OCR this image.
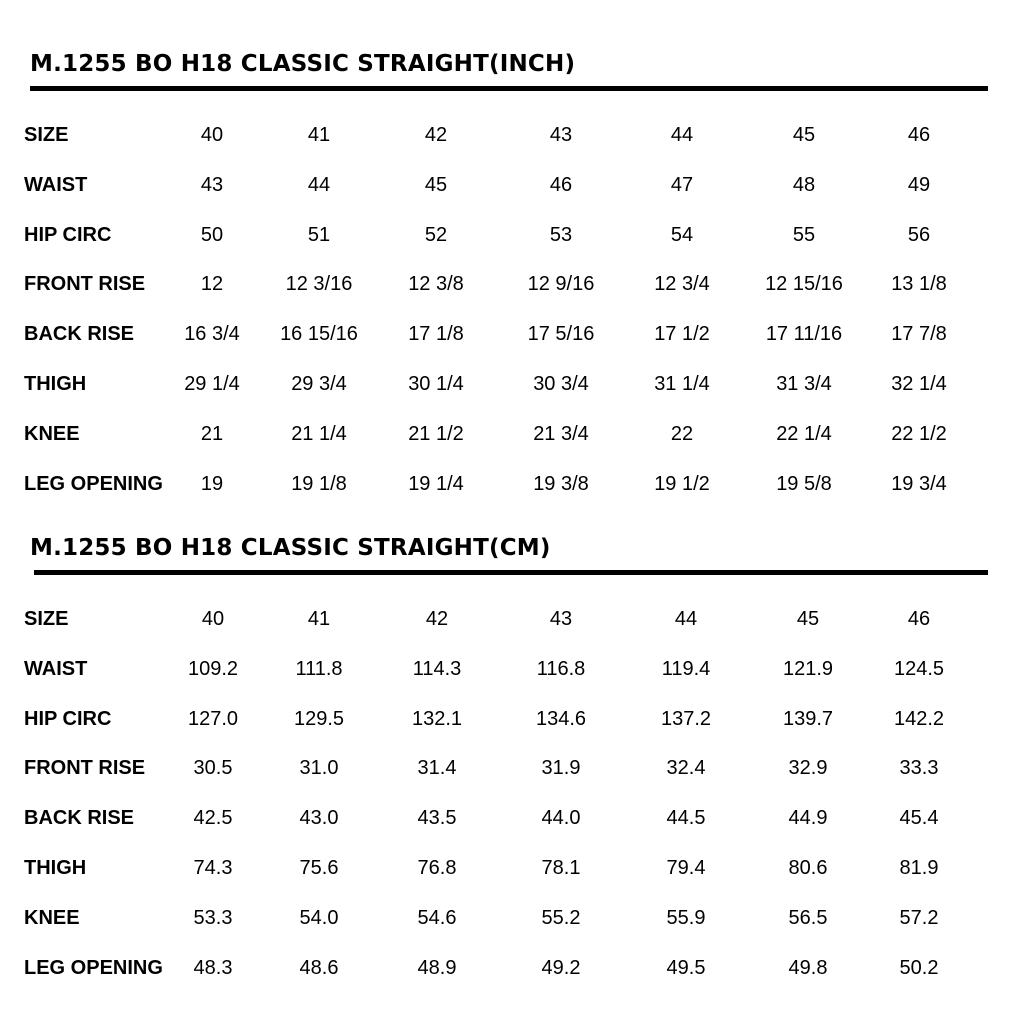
M.1255 BO H18 CLASSIC STRAIGHT(INCH)
SIZE	40	41	42	43	44	45	46
WAIST	43	44	45	46	47	48	49
HIP CIRC	50	51	52	53	54	55	56
FRONT RISE	12	12 3/16	12 3/8	12 9/16	12 3/4	12 15/16	13 1/8
BACK RISE	16 3/4	16 15/16	17 1/8	17 5/16	17 1/2	17 11/16	17 7/8
THIGH	29 1/4	29 3/4	30 1/4	30 3/4	31 1/4	31 3/4	32 1/4
KNEE	21	21 1/4	21 1/2	21 3/4	22	22 1/4	22 1/2
LEG OPENING	19	19 1/8	19 1/4	19 3/8	19 1/2	19 5/8	19 3/4
M.1255 BO H18 CLASSIC STRAIGHT(CM)
SIZE	40	41	42	43	44	45	46
WAIST	109.2	111.8	114.3	116.8	119.4	121.9	124.5
HIP CIRC	127.0	129.5	132.1	134.6	137.2	139.7	142.2
FRONT RISE	30.5	31.0	31.4	31.9	32.4	32.9	33.3
BACK RISE	42.5	43.0	43.5	44.0	44.5	44.9	45.4
THIGH	74.3	75.6	76.8	78.1	79.4	80.6	81.9
KNEE	53.3	54.0	54.6	55.2	55.9	56.5	57.2
LEG OPENING	48.3	48.6	48.9	49.2	49.5	49.8	50.2
